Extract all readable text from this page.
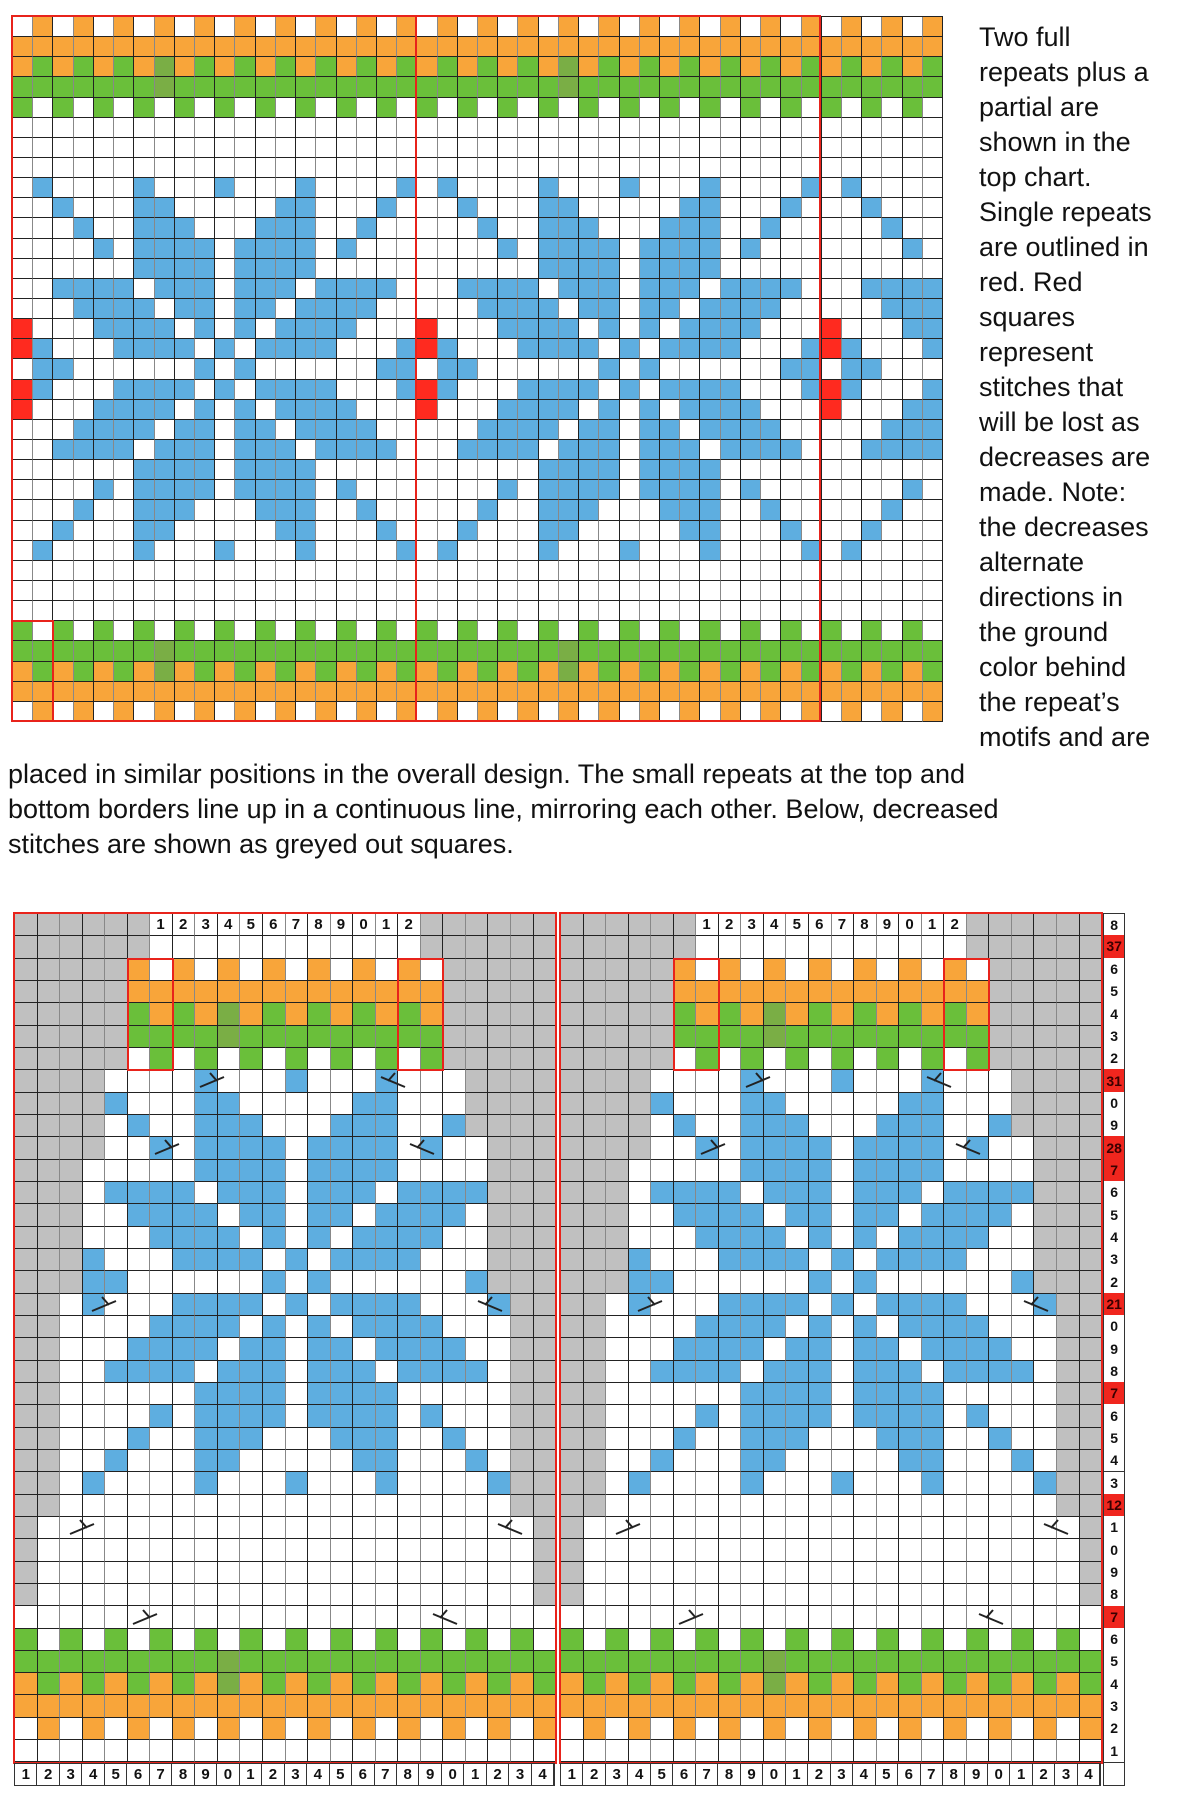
Two full
repeats plus a
partial are
shown in the
top chart.
Single repeats
are outlined in
red. Red
squares
represent
stitches that
will be lost as
decreases are
made. Note:
the decreases
alternate
directions in
the ground
color behind
the repeat’s
motifs and are
placed in similar positions in the overall design. The small repeats at the top and
bottom borders line up in a continuous line, mirroring each other. Below, decreased
stitches are shown as greyed out squares.
1 2 3 4 5 6 7 8 9 0 1 2
1 2 3 4 5 6 7 8 9 0 1 2 3 4 5 6 7 8 9 0 1 2 3 4
1 2 3 4 5 6 7 8 9 0 1 2
1 2 3 4 5 6 7 8 9 0 1 2 3 4 5 6 7 8 9 0 1 2 3 4
8
37
6
5
4
3
2
31
0
9
28
7
6
5
4
3
2
21
0
9
8
7
6
5
4
3
12
1
0
9
8
7
6
5
4
3
2
1
